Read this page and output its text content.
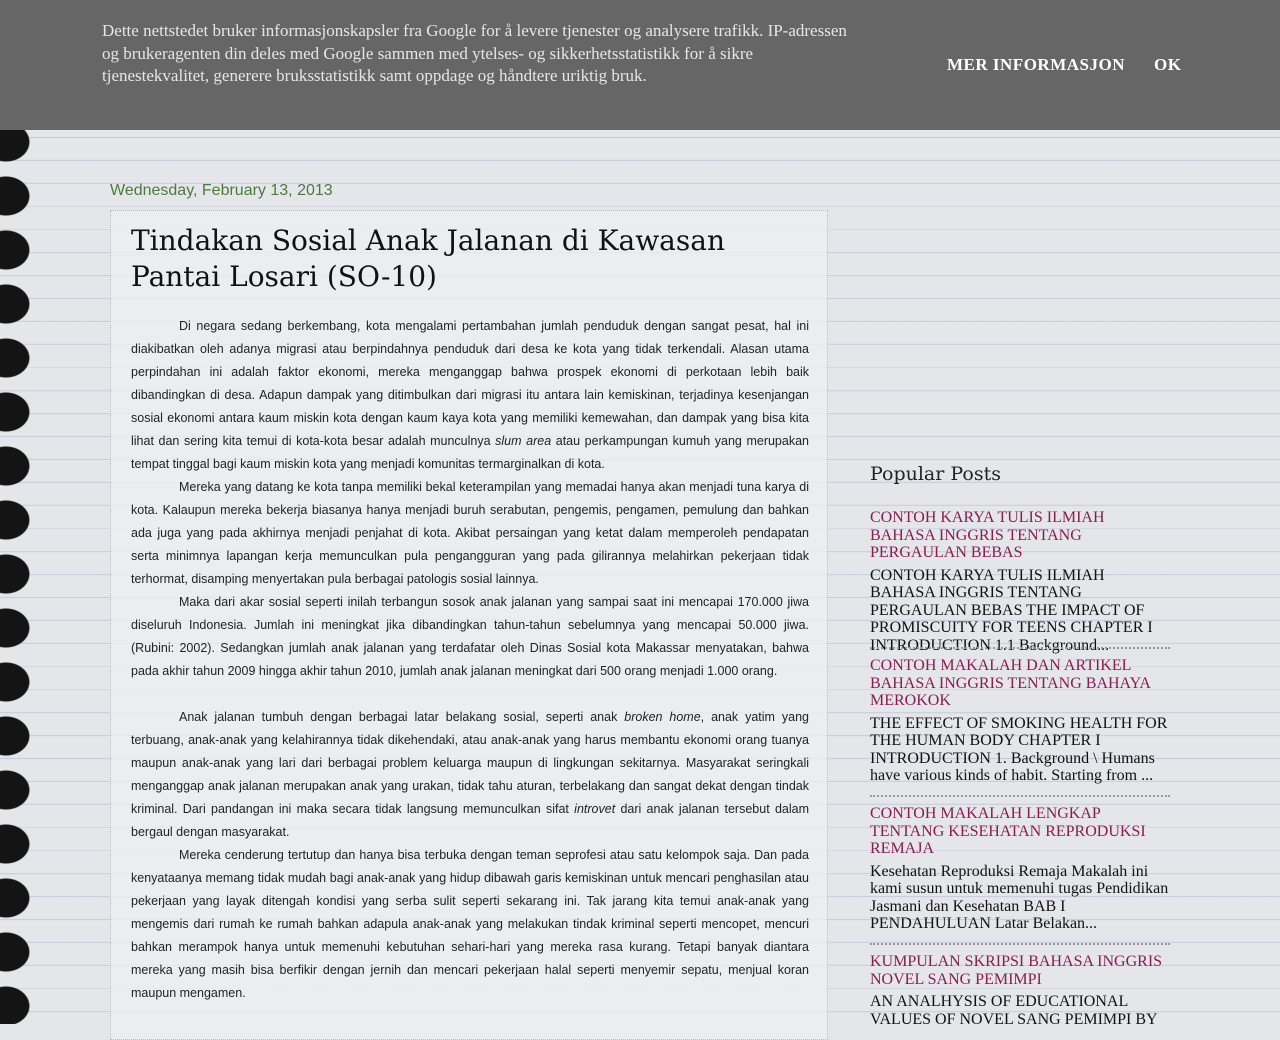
Dette nettstedet bruker informasjonskapsler fra Google for å levere tjenester og analysere trafikk. IP-adressen og brukeragenten din deles med Google sammen med ytelses- og sikkerhetsstatistikk for å sikre tjenestekvalitet, generere bruksstatistikk samt oppdage og håndtere uriktig bruk.
MER INFORMASJON OK
Wednesday, February 13, 2013
Tindakan Sosial Anak Jalanan di Kawasan Pantai Losari (SO-10)

Di negara sedang berkembang, kota mengalami pertambahan jumlah penduduk dengan sangat pesat, hal ini diakibatkan oleh adanya migrasi atau berpindahnya penduduk dari desa ke kota yang tidak terkendali. Alasan utama perpindahan ini adalah faktor ekonomi, mereka menganggap bahwa prospek ekonomi di perkotaan lebih baik dibandingkan di desa. Adapun dampak yang ditimbulkan dari migrasi itu antara lain kemiskinan, terjadinya kesenjangan sosial ekonomi antara kaum miskin kota dengan kaum kaya kota yang memiliki kemewahan, dan dampak yang bisa kita lihat dan sering kita temui di kota-kota besar adalah munculnya slum area atau perkampungan kumuh yang merupakan tempat tinggal bagi kaum miskin kota yang menjadi komunitas termarginalkan di kota.

Mereka yang datang ke kota tanpa memiliki bekal keterampilan yang memadai hanya akan menjadi tuna karya di kota. Kalaupun mereka bekerja biasanya hanya menjadi buruh serabutan, pengemis, pengamen, pemulung dan bahkan ada juga yang pada akhirnya menjadi penjahat di kota. Akibat persaingan yang ketat dalam memperoleh pendapatan serta minimnya lapangan kerja memunculkan pula pengangguran yang pada gilirannya melahirkan pekerjaan tidak terhormat, disamping menyertakan pula berbagai patologis sosial lainnya.

Maka dari akar sosial seperti inilah terbangun sosok anak jalanan yang sampai saat ini mencapai 170.000 jiwa diseluruh Indonesia. Jumlah ini meningkat jika dibandingkan tahun-tahun sebelumnya yang mencapai 50.000 jiwa. (Rubini: 2002). Sedangkan jumlah anak jalanan yang terdafatar oleh Dinas Sosial kota Makassar menyatakan, bahwa pada akhir tahun 2009 hingga akhir tahun 2010, jumlah anak jalanan meningkat dari 500 orang menjadi 1.000 orang.

Anak jalanan tumbuh dengan berbagai latar belakang sosial, seperti anak broken home, anak yatim yang terbuang, anak-anak yang kelahirannya tidak dikehendaki, atau anak-anak yang harus membantu ekonomi orang tuanya maupun anak-anak yang lari dari berbagai problem keluarga maupun di lingkungan sekitarnya. Masyarakat seringkali menganggap anak jalanan merupakan anak yang urakan, tidak tahu aturan, terbelakang dan sangat dekat dengan tindak kriminal. Dari pandangan ini maka secara tidak langsung memunculkan sifat introvet dari anak jalanan tersebut dalam bergaul dengan masyarakat.

Mereka cenderung tertutup dan hanya bisa terbuka dengan teman seprofesi atau satu kelompok saja. Dan pada kenyataanya memang tidak mudah bagi anak-anak yang hidup dibawah garis kemiskinan untuk mencari penghasilan atau pekerjaan yang layak ditengah kondisi yang serba sulit seperti sekarang ini. Tak jarang kita temui anak-anak yang mengemis dari rumah ke rumah bahkan adapula anak-anak yang melakukan tindak kriminal seperti mencopet, mencuri bahkan merampok hanya untuk memenuhi kebutuhan sehari-hari yang mereka rasa kurang. Tetapi banyak diantara mereka yang masih bisa berfikir dengan jernih dan mencari pekerjaan halal seperti menyemir sepatu, menjual koran maupun mengamen.

Popular Posts
CONTOH KARYA TULIS ILMIAH BAHASA INGGRIS TENTANG PERGAULAN BEBAS
CONTOH KARYA TULIS ILMIAH BAHASA INGGRIS TENTANG PERGAULAN BEBAS THE IMPACT OF PROMISCUITY FOR TEENS CHAPTER I INTRODUCTION 1.1 Background...
CONTOH MAKALAH DAN ARTIKEL BAHASA INGGRIS TENTANG BAHAYA MEROKOK
THE EFFECT OF SMOKING HEALTH FOR THE HUMAN BODY CHAPTER I INTRODUCTION 1. Background \ Humans have various kinds of habit. Starting from ...
CONTOH MAKALAH LENGKAP TENTANG KESEHATAN REPRODUKSI REMAJA
Kesehatan Reproduksi Remaja Makalah ini kami susun untuk memenuhi tugas Pendidikan Jasmani dan Kesehatan BAB I PENDAHULUAN Latar Belakan...
KUMPULAN SKRIPSI BAHASA INGGRIS NOVEL SANG PEMIMPI
AN ANALHYSIS OF EDUCATIONAL VALUES OF NOVEL SANG PEMIMPI BY
